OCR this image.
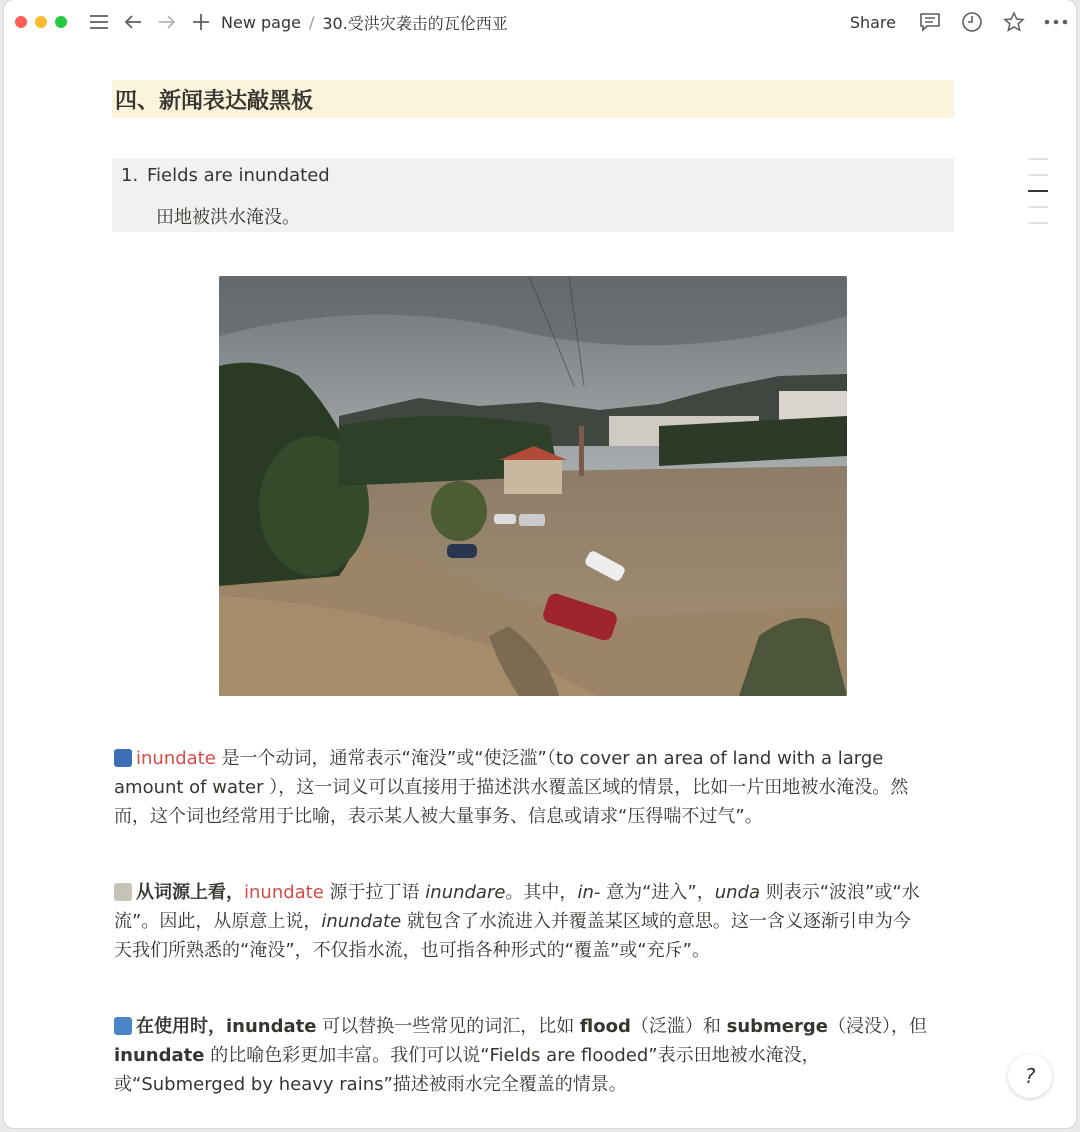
New page / 30.受洪灾袭击的瓦伦西亚	Share
四、新闻表达敲黑板
1. Fields are inundated
田地被洪水淹没。
inundate 是一个动词，通常表示“淹没”或“使泛滥”（to cover an area of land with a large
amount of water ），这一词义可以直接用于描述洪水覆盖区域的情景，比如一片田地被水淹没。然
而，这个词也经常用于比喻，表示某人被大量事务、信息或请求“压得喘不过气”。
从词源上看，inundate 源于拉丁语 inundare。其中，in- 意为“进入”，unda 则表示“波浪”或“水
流”。因此，从原意上说，inundate 就包含了水流进入并覆盖某区域的意思。这一含义逐渐引申为今
天我们所熟悉的“淹没”，不仅指水流，也可指各种形式的“覆盖”或“充斥”。
在使用时，inundate 可以替换一些常见的词汇，比如 flood（泛滥）和 submerge（浸没），但
inundate 的比喻色彩更加丰富。我们可以说“Fields are flooded”表示田地被水淹没，
或“Submerged by heavy rains”描述被雨水完全覆盖的情景。	?
